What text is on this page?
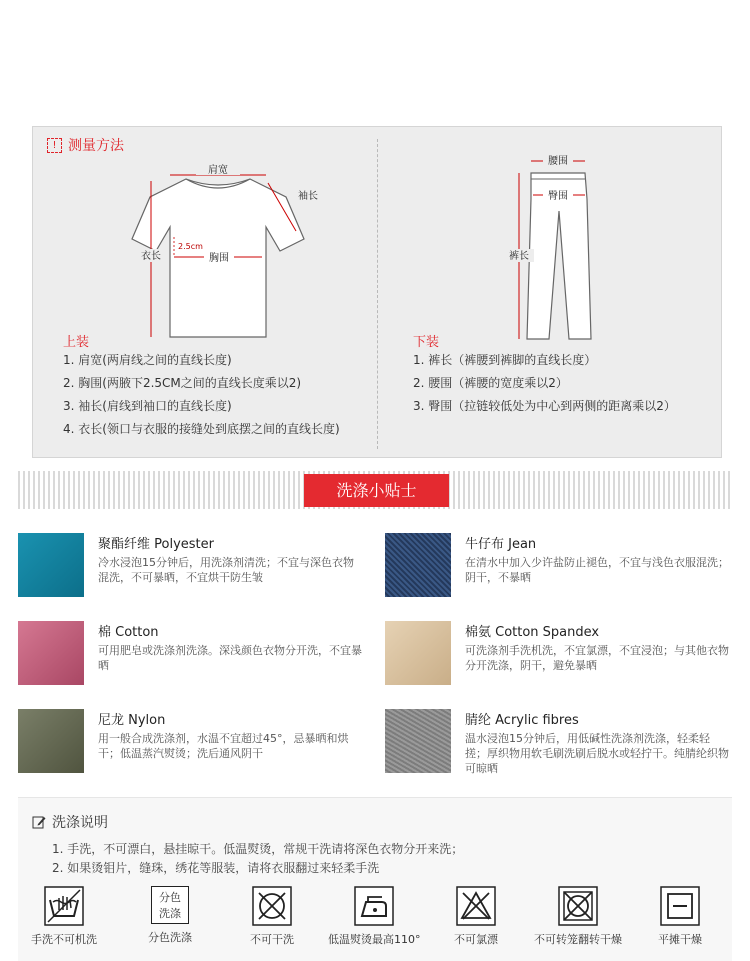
! 测量方法
肩宽
袖长
衣长	胸围
2.5cm
上装
1. 肩宽(两肩线之间的直线长度)
2. 胸围(两腋下2.5CM之间的直线长度乘以2)
3. 袖长(肩线到袖口的直线长度)
4. 衣长(领口与衣服的接缝处到底摆之间的直线长度)
腰围
臀围
裤长
下装
1. 裤长（裤腰到裤脚的直线长度）
2. 腰围（裤腰的宽度乘以2）
3. 臀围（拉链较低处为中心到两侧的距离乘以2）
洗涤小贴士
聚酯纤维 Polyester
冷水浸泡15分钟后，用洗涤剂清洗；不宜与深色衣物混洗，不可暴晒，不宜烘干防生皱
牛仔布 Jean
在清水中加入少许盐防止褪色，不宜与浅色衣服混洗；阴干，不暴晒
棉 Cotton
可用肥皂或洗涤剂洗涤。深浅颜色衣物分开洗，不宜暴晒
棉氨 Cotton Spandex
可洗涤剂手洗机洗，不宜氯漂，不宜浸泡；与其他衣物分开洗涤，阴干，避免暴晒
尼龙 Nylon
用一般合成洗涤剂，水温不宜超过45°，忌暴晒和烘干；低温蒸汽熨烫；洗后通风阴干
腈纶 Acrylic fibres
温水浸泡15分钟后，用低碱性洗涤剂洗涤，轻柔轻搓；厚织物用软毛刷洗刷后脱水或轻拧干。纯腈纶织物可晾晒
洗涤说明
1. 手洗，不可漂白，悬挂晾干。低温熨烫，常规干洗请将深色衣物分开来洗；
2. 如果烫钼片，缝珠，绣花等服装，请将衣服翻过来轻柔手洗
手洗不可机洗
分色
洗涤
分色洗涤	不可干洗	低温熨烫最高110°	不可氯漂	不可转笼翻转干燥	平摊干燥
